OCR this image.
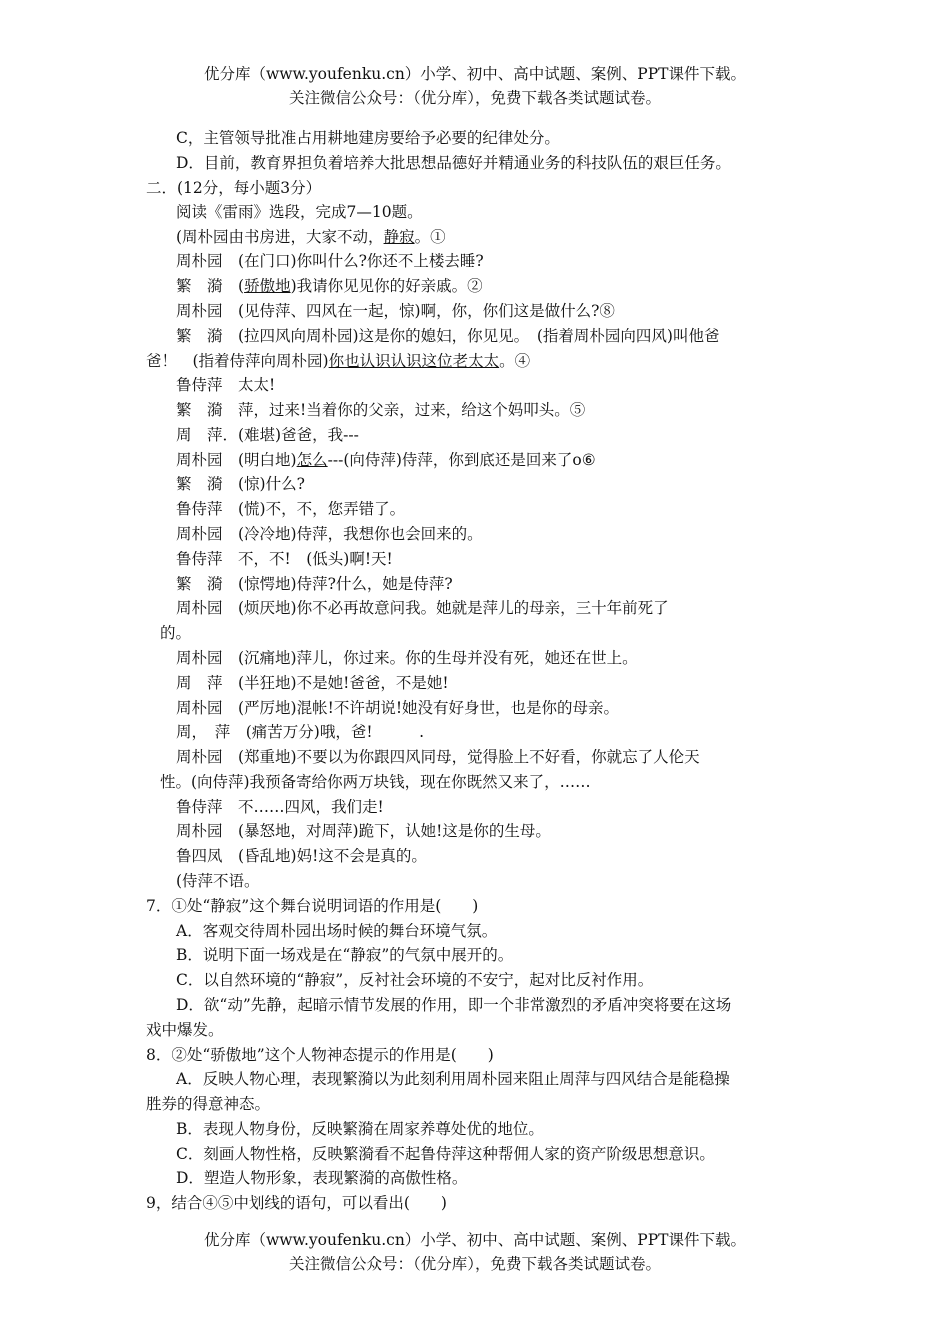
优分库（www.youfenku.cn）小学、初中、高中试题、案例、PPT课件下载。
关注微信公众号：（优分库），免费下载各类试题试卷。
C，主管领导批准占用耕地建房要给予必要的纪律处分。
D．目前，教育界担负着培养大批思想品德好并精通业务的科技队伍的艰巨任务。
二．(12分，每小题3分）
阅读《雷雨》选段，完成7—10题。
(周朴园由书房进，大家不动，静寂。①
周朴园　(在门口)你叫什么?你还不上楼去睡?
繁　漪　(骄傲地)我请你见见你的好亲戚。②
周朴园　(见侍萍、四风在一起，惊)啊，你，你们这是做什么?⑧
繁　漪　(拉四风向周朴园)这是你的媳妇，你见见。　(指着周朴园向四风)叫他爸
爸！　(指着侍萍向周朴园)你也认识认识这位老太太。④
鲁侍萍　太太!
繁　漪　萍，过来!当着你的父亲，过来，给这个妈叩头。⑤
周　萍．(难堪)爸爸，我---
周朴园　(明白地)怎么---(向侍萍)侍萍，你到底还是回来了o⑥
繁　漪　(惊)什么?
鲁侍萍　(慌)不，不，您弄错了。
周朴园　(冷冷地)侍萍，我想你也会回来的。
鲁侍萍　不，不!　(低头)啊!天!
繁　漪　(惊愕地)侍萍?什么，她是侍萍?
周朴园　(烦厌地)你不必再故意问我。她就是萍儿的母亲，三十年前死了
的。
周朴园　(沉痛地)萍儿，你过来。你的生母并没有死，她还在世上。
周　萍　(半狂地)不是她!爸爸，不是她!
周朴园　(严厉地)混帐!不许胡说!她没有好身世，也是你的母亲。
周，　萍　(痛苦万分)哦，爸!　　　.
周朴园　(郑重地)不要以为你跟四风同母，觉得脸上不好看，你就忘了人伦天
性。(向侍萍)我预备寄给你两万块钱，现在你既然又来了，……
鲁侍萍　不……四风，我们走!
周朴园　(暴怒地，对周萍)跪下，认她!这是你的生母。
鲁四凤　(昏乱地)妈!这不会是真的。
(侍萍不语。
7．①处“静寂”这个舞台说明词语的作用是(　　)
A．客观交待周朴园出场时候的舞台环境气氛。
B．说明下面一场戏是在“静寂”的气氛中展开的。
C．以自然环境的“静寂”，反衬社会环境的不安宁，起对比反衬作用。
D．欲“动”先静，起暗示情节发展的作用，即一个非常激烈的矛盾冲突将要在这场
戏中爆发。
8．②处“骄傲地”这个人物神态提示的作用是(　　)
A．反映人物心理，表现繁漪以为此刻利用周朴园来阻止周萍与四风结合是能稳操
胜券的得意神态。
B．表现人物身份，反映繁漪在周家养尊处优的地位。
C．刻画人物性格，反映繁漪看不起鲁侍萍这种帮佣人家的资产阶级思想意识。
D．塑造人物形象，表现繁漪的高傲性格。
9，结合④⑤中划线的语句，可以看出(　　)
优分库（www.youfenku.cn）小学、初中、高中试题、案例、PPT课件下载。
关注微信公众号：（优分库），免费下载各类试题试卷。
